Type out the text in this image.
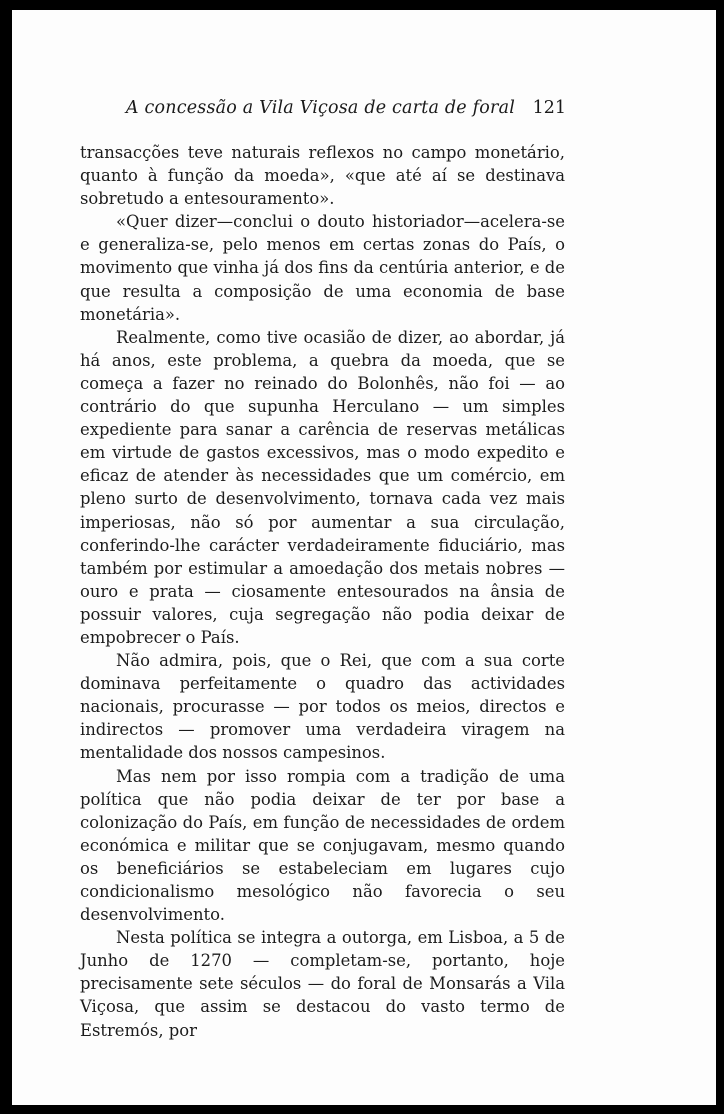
A concessão a Vila Viçosa de carta de foral 121

transacções teve naturais reflexos no campo monetário, quanto à função da moeda», «que até aí se destinava sobretudo a entesouramento».

«Quer dizer—conclui o douto historiador—acelera-se e generaliza-se, pelo menos em certas zonas do País, o movimento que vinha já dos fins da centúria anterior, e de que resulta a composição de uma economia de base monetária».

Realmente, como tive ocasião de dizer, ao abordar, já há anos, este problema, a quebra da moeda, que se começa a fazer no reinado do Bolonhês, não foi — ao contrário do que supunha Herculano — um simples expediente para sanar a carência de reservas metálicas em virtude de gastos excessivos, mas o modo expedito e eficaz de atender às necessidades que um comércio, em pleno surto de desenvolvimento, tornava cada vez mais imperiosas, não só por aumentar a sua circulação, conferindo-lhe carácter verdadeiramente fiduciário, mas também por estimular a amoedação dos metais nobres — ouro e prata — ciosamente entesourados na ânsia de possuir valores, cuja segregação não podia deixar de empobrecer o País.

Não admira, pois, que o Rei, que com a sua corte dominava perfeitamente o quadro das actividades nacionais, procurasse — por todos os meios, directos e indirectos — promover uma verdadeira viragem na mentalidade dos nossos campesinos.

Mas nem por isso rompia com a tradição de uma política que não podia deixar de ter por base a colonização do País, em função de necessidades de ordem económica e militar que se conjugavam, mesmo quando os beneficiários se estabeleciam em lugares cujo condicionalismo mesológico não favorecia o seu desenvolvimento.

Nesta política se integra a outorga, em Lisboa, a 5 de Junho de 1270 — completam-se, portanto, hoje precisamente sete séculos — do foral de Monsarás a Vila Viçosa, que assim se destacou do vasto termo de Estremós, por
